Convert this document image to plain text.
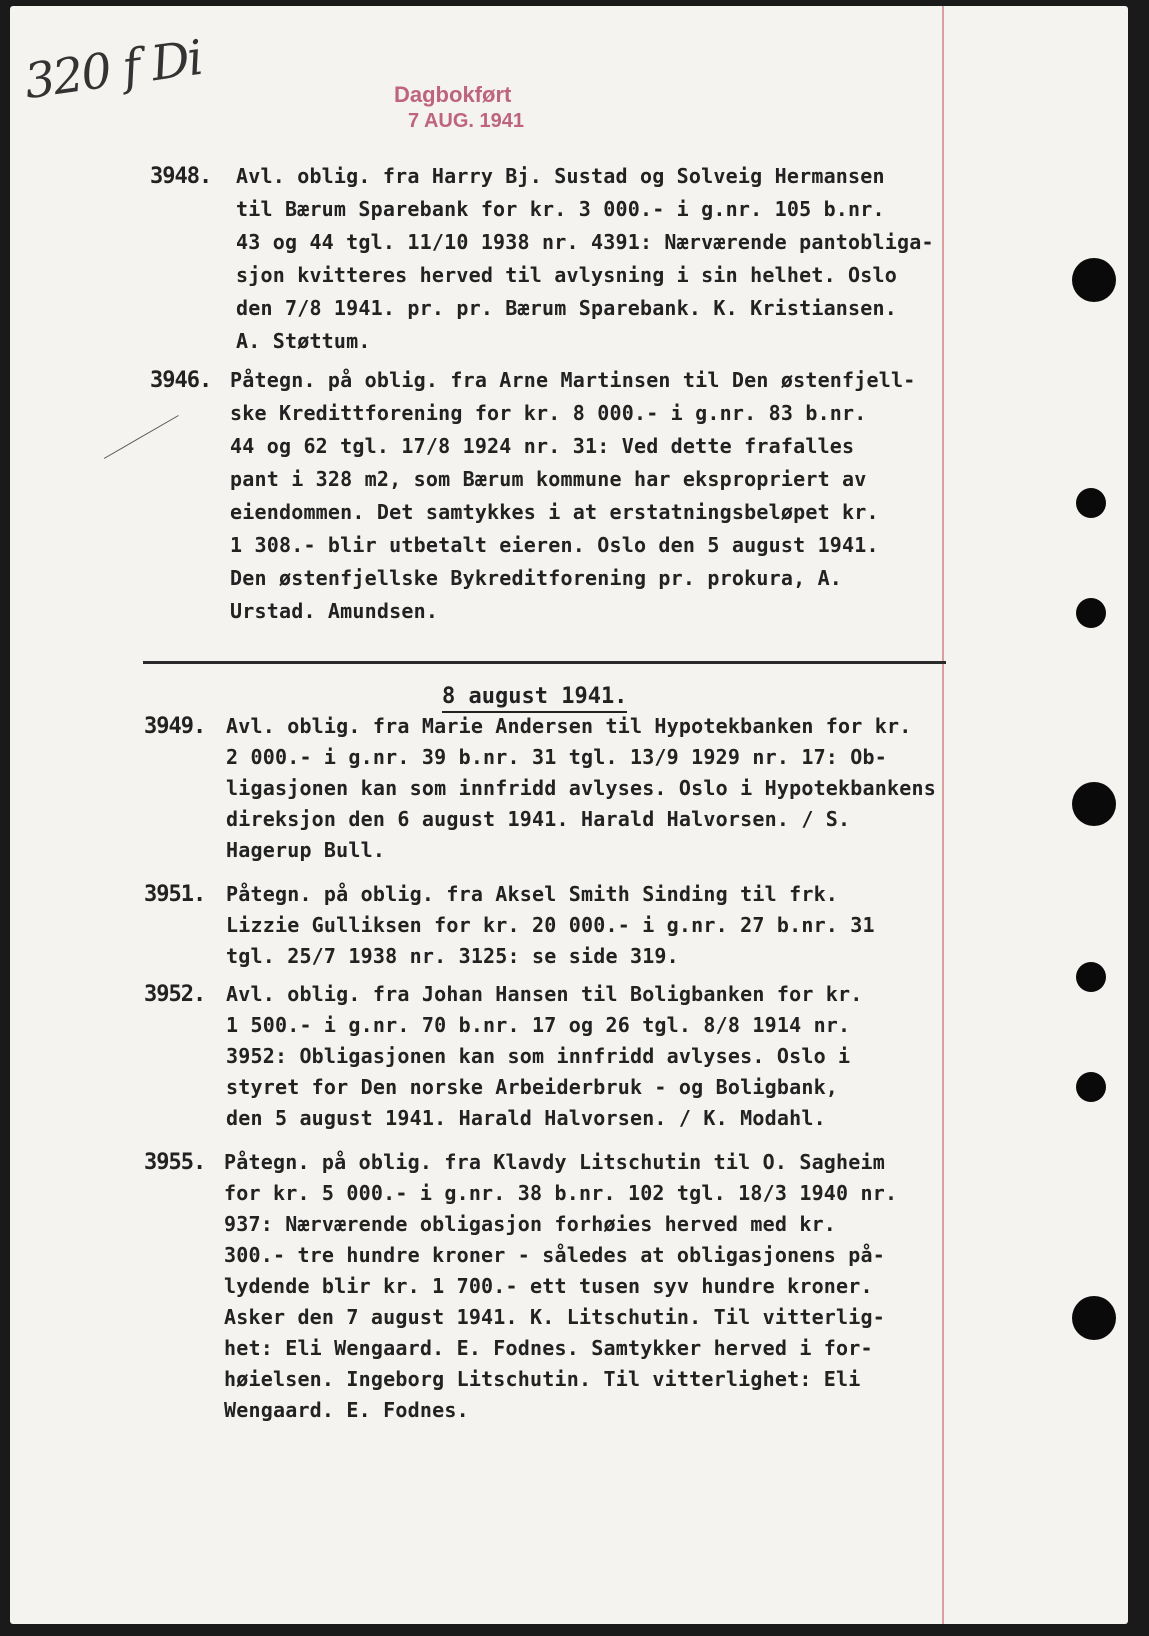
320 f Di	Dagbokført
7 AUG. 1941
8 august 1941.
3948.	Avl. oblig. fra Harry Bj. Sustad og Solveig Hermansen
til Bærum Sparebank for kr. 3 000.- i g.nr. 105 b.nr.
43 og 44 tgl. 11/10 1938 nr. 4391: Nærværende pantobliga-
sjon kvitteres herved til avlysning i sin helhet. Oslo
den 7/8 1941. pr. pr. Bærum Sparebank. K. Kristiansen.
A. Støttum.
3946. Påtegn. på oblig. fra Arne Martinsen til Den østenfjell-
ske Kredittforening for kr. 8 000.- i g.nr. 83 b.nr.
44 og 62 tgl. 17/8 1924 nr. 31: Ved dette frafalles
pant i 328 m2, som Bærum kommune har ekspropriert av
eiendommen. Det samtykkes i at erstatningsbeløpet kr.
1 308.- blir utbetalt eieren. Oslo den 5 august 1941.
Den østenfjellske Bykreditforening pr. prokura, A.
Urstad. Amundsen.
3949.	Avl. oblig. fra Marie Andersen til Hypotekbanken for kr.
2 000.- i g.nr. 39 b.nr. 31 tgl. 13/9 1929 nr. 17: Ob-
ligasjonen kan som innfridd avlyses. Oslo i Hypotekbankens
direksjon den 6 august 1941. Harald Halvorsen. / S.
Hagerup Bull.
3951.	Påtegn. på oblig. fra Aksel Smith Sinding til frk.
Lizzie Gulliksen for kr. 20 000.- i g.nr. 27 b.nr. 31
tgl. 25/7 1938 nr. 3125: se side 319.
3952.	Avl. oblig. fra Johan Hansen til Boligbanken for kr.
1 500.- i g.nr. 70 b.nr. 17 og 26 tgl. 8/8 1914 nr.
3952: Obligasjonen kan som innfridd avlyses. Oslo i
styret for Den norske Arbeiderbruk - og Boligbank,
den 5 august 1941. Harald Halvorsen. / K. Modahl.
3955. Påtegn. på oblig. fra Klavdy Litschutin til O. Sagheim
for kr. 5 000.- i g.nr. 38 b.nr. 102 tgl. 18/3 1940 nr.
937: Nærværende obligasjon forhøies herved med kr.
300.- tre hundre kroner - således at obligasjonens på-
lydende blir kr. 1 700.- ett tusen syv hundre kroner.
Asker den 7 august 1941. K. Litschutin. Til vitterlig-
het: Eli Wengaard. E. Fodnes. Samtykker herved i for-
høielsen. Ingeborg Litschutin. Til vitterlighet: Eli
Wengaard. E. Fodnes.
